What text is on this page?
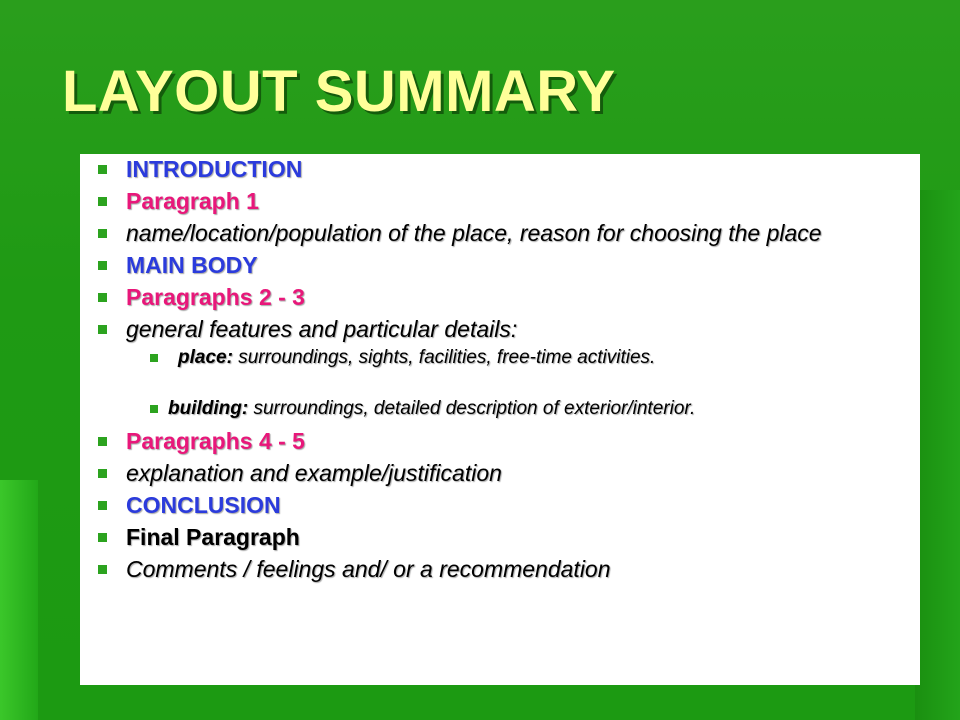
LAYOUT SUMMARY
INTRODUCTION
Paragraph 1
name/location/population of the place, reason for choosing the place
MAIN BODY
Paragraphs 2 - 3
general features and particular details:
place: surroundings, sights, facilities, free-time activities.
building: surroundings, detailed description of exterior/interior.
Paragraphs 4 - 5
explanation and example/justification
CONCLUSION
Final Paragraph
Comments / feelings and/ or a recommendation
